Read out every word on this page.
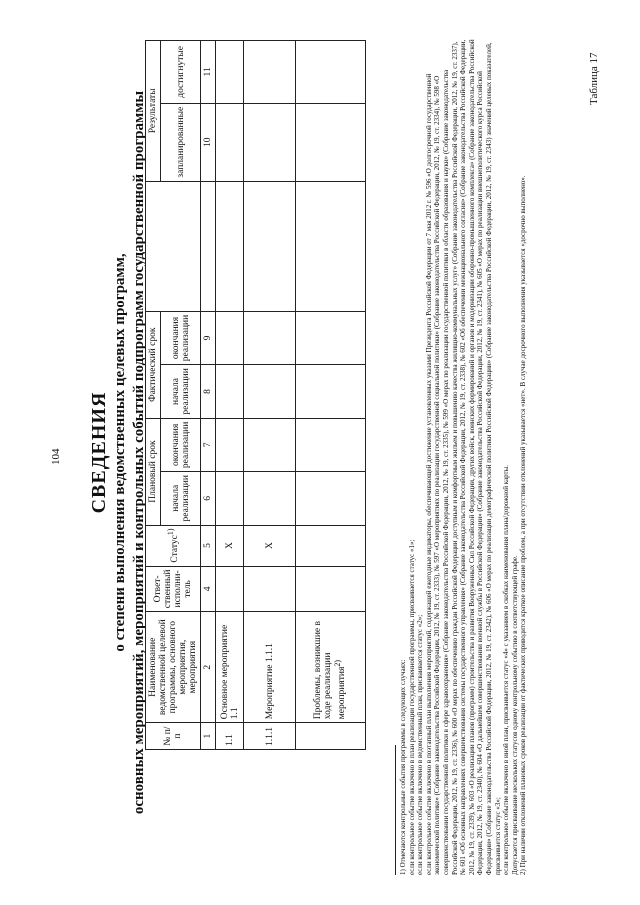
104
Таблица 17
СВЕДЕНИЯ о степени выполнения ведомственных целевых программ, основных мероприятий, мероприятий и контрольных событий подпрограмм государственной программы № п/п	Наименование ведомственной целевой программы, основного мероприятия, мероприятия	Ответ- ственный исполни- тель	Статус$^{1)}$	Плановый срок		Фактический срок			Результаты	
				начала реализации	окончания реализации	начала реализации	окончания реализации		запланированные	достигнутые

1	2	4	5	6	7	8	9		10	11
1.1	Основное мероприятие 1.1		Х							
1.1.1	Мероприятие 1.1.1		Х							
	Проблемы, возникшие в ходе реализации мероприятия$^{2)}$										1) Отмечаются контрольные события программы в следующих случаях: если контрольное событие включено в план реализации государственной программы, присваивается статус «1»; если контрольное событие включено в ведомственный план, присваивается статус «2»; если контрольное событие включено в поэтапный план выполнения мероприятий, содержащей ежегодные индикаторы, обеспечивающей достижение установленных указами Президента Российской Федерации от 7 мая 2012 г. № 596 «О долгосрочной государственной экономической политике» (Собрание законодательства Российской Федерации, 2012, № 19, ст. 2333), № 597 «О мероприятиях по реализации государственной социальной политики» (Собрание законодательства Российской Федерации, 2012, № 19, ст. 2334), № 598 «О совершенствовании государственной политики в сфере здравоохранения» (Собрание законодательства Российской Федерации, 2012, № 19, ст. 2335), № 599 «О мерах по реализации государственной политики в области образования и науки» (Собрание законодательства Российской Федерации, 2012, № 19, ст. 2336), № 600 «О мерах по обеспечению граждан Российской Федерации доступным и комфортным жильем и повышению качества жилищно-коммунальных услуг» (Собрание законодательства Российской Федерации, 2012, № 19, ст. 2337), № 601 «Об основных направлениях совершенствования системы государственного управления» (Собрание законодательства Российской Федерации, 2012, № 19, ст. 2338), № 602 «Об обеспечении межнационального согласия» (Собрание законодательства Российской Федерации, 2012, № 19, ст. 2339), № 603 «О реализации планов (программ) строительства и развития Вооруженных Сил Российской Федерации, других войск, воинских формирований и органов и модернизации оборонно-промышленного комплекса» (Собрание законодательства Российской Федерации, 2012, № 19, ст. 2340), № 604 «О дальнейшем совершенствовании военной службы в Российской Федерации» (Собрание законодательства Российской Федерации, 2012, № 19, ст. 2341), № 605 «О мерах по реализации внешнеполитического курса Российской Федерации» (Собрание законодательства Российской Федерации, 2012, № 19, ст. 2342), № 606 «О мерах по реализации демографической политики Российской Федерации» (Собрание законодательства Российской Федерации, 2012, № 19, ст. 2343) значений целевых показателей, присваивается статус «3»; если контрольное событие включено в иной план, присваивается статус «4» с указанием в скобках наименования плана/дорожной карты. Допускается присваивание нескольких статусов одному контрольному событию в соответствующей графе. 2) При наличии отклонений плановых сроков реализации от фактических приводится краткое описание проблем, а при отсутствии отклонений указывается «нет». В случае досрочного выполнения указывается «досрочно выполнено».
